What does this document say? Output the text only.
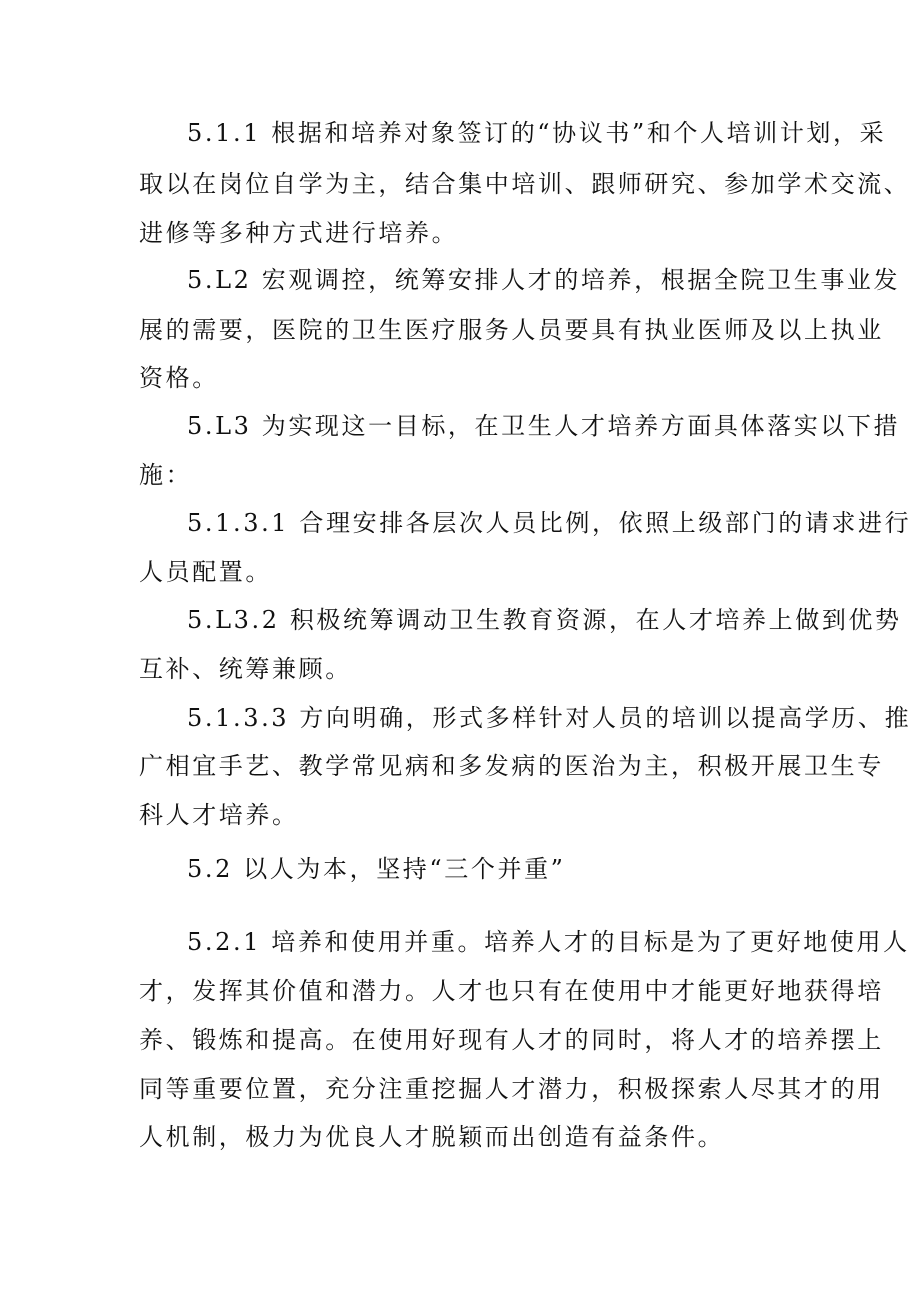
5.1.1 根据和培养对象签订的“协议书”和个人培训计划，采
取以在岗位自学为主，结合集中培训、跟师研究、参加学术交流、
进修等多种方式进行培养。
5.L2 宏观调控，统筹安排人才的培养，根据全院卫生事业发
展的需要，医院的卫生医疗服务人员要具有执业医师及以上执业
资格。
5.L3 为实现这一目标，在卫生人才培养方面具体落实以下措
施：
5.1.3.1 合理安排各层次人员比例，依照上级部门的请求进行
人员配置。
5.L3.2 积极统筹调动卫生教育资源，在人才培养上做到优势
互补、统筹兼顾。
5.1.3.3 方向明确，形式多样针对人员的培训以提高学历、推
广相宜手艺、教学常见病和多发病的医治为主，积极开展卫生专
科人才培养。
5.2 以人为本，坚持“三个并重”
5.2.1 培养和使用并重。培养人才的目标是为了更好地使用人
才，发挥其价值和潜力。人才也只有在使用中才能更好地获得培
养、锻炼和提高。在使用好现有人才的同时，将人才的培养摆上
同等重要位置，充分注重挖掘人才潜力，积极探索人尽其才的用
人机制，极力为优良人才脱颖而出创造有益条件。
